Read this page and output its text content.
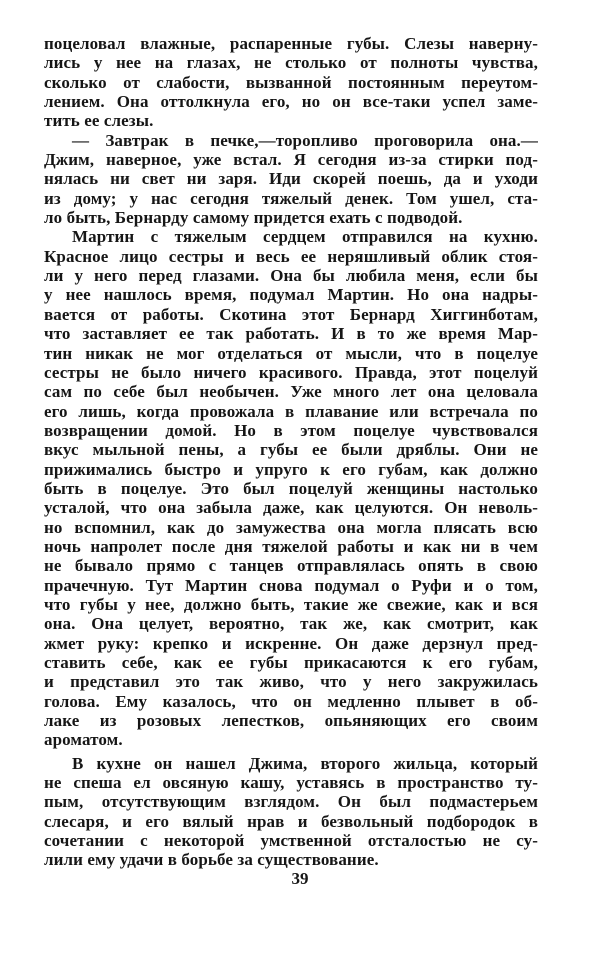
поцеловал влажные, распаренные губы. Слезы наверну-
лись у нее на глазах, не столько от полноты чувства,
сколько от слабости, вызванной постоянным переутом-
лением. Она оттолкнула его, но он все-таки успел заме-
тить ее слезы.
— Завтрак в печке,—торопливо проговорила она.—
Джим, наверное, уже встал. Я сегодня из-за стирки под-
нялась ни свет ни заря. Иди скорей поешь, да и уходи
из дому; у нас сегодня тяжелый денек. Том ушел, ста-
ло быть, Бернарду самому придется ехать с подводой.
Мартин с тяжелым сердцем отправился на кухню.
Красное лицо сестры и весь ее неряшливый облик стоя-
ли у него перед глазами. Она бы любила меня, если бы
у нее нашлось время, подумал Мартин. Но она надры-
вается от работы. Скотина этот Бернард Хиггинботам,
что заставляет ее так работать. И в то же время Мар-
тин никак не мог отделаться от мысли, что в поцелуе
сестры не было ничего красивого. Правда, этот поцелуй
сам по себе был необычен. Уже много лет она целовала
его лишь, когда провожала в плавание или встречала по
возвращении домой. Но в этом поцелуе чувствовался
вкус мыльной пены, а губы ее были дряблы. Они не
прижимались быстро и упруго к его губам, как должно
быть в поцелуе. Это был поцелуй женщины настолько
усталой, что она забыла даже, как целуются. Он неволь-
но вспомнил, как до замужества она могла плясать всю
ночь напролет после дня тяжелой работы и как ни в чем
не бывало прямо с танцев отправлялась опять в свою
прачечную. Тут Мартин снова подумал о Руфи и о том,
что губы у нее, должно быть, такие же свежие, как и вся
она. Она целует, вероятно, так же, как смотрит, как
жмет руку: крепко и искренне. Он даже дерзнул пред-
ставить себе, как ее губы прикасаются к его губам,
и представил это так живо, что у него закружилась
голова. Ему казалось, что он медленно плывет в об-
лаке из розовых лепестков, опьяняющих его своим
ароматом.
В кухне он нашел Джима, второго жильца, который
не спеша ел овсяную кашу, уставясь в пространство ту-
пым, отсутствующим взглядом. Он был подмастерьем
слесаря, и его вялый нрав и безвольный подбородок в
сочетании с некоторой умственной отсталостью не су-
лили ему удачи в борьбе за существование.
39
